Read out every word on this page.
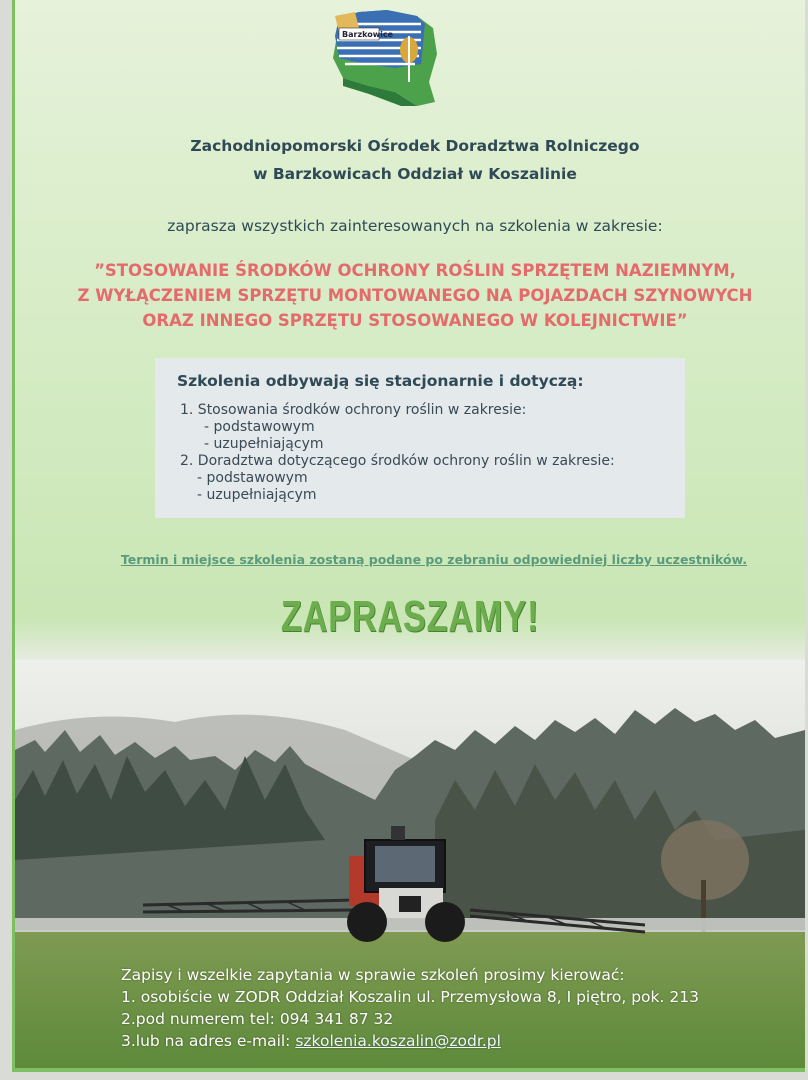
Barzkowice
Zachodniopomorski Ośrodek Doradztwa Rolniczego
w Barzkowicach Oddział w Koszalinie
zaprasza wszystkich zainteresowanych na szkolenia w zakresie:
”STOSOWANIE ŚRODKÓW OCHRONY ROŚLIN SPRZĘTEM NAZIEMNYM,
Z WYŁĄCZENIEM SPRZĘTU MONTOWANEGO NA POJAZDACH SZYNOWYCH
ORAZ INNEGO SPRZĘTU STOSOWANEGO W KOLEJNICTWIE”
Szkolenia odbywają się stacjonarnie i dotyczą:
1. Stosowania środków ochrony roślin w zakresie:
- podstawowym
- uzupełniającym
2. Doradztwa dotyczącego środków ochrony roślin w zakresie:
- podstawowym
- uzupełniającym
Termin i miejsce szkolenia zostaną podane po zebraniu odpowiedniej liczby uczestników.
ZAPRASZAMY!
Zapisy i wszelkie zapytania w sprawie szkoleń prosimy kierować:
1. osobiście w ZODR Oddział Koszalin ul. Przemysłowa 8, I piętro, pok. 213
2.pod numerem tel: 094 341 87 32
3.lub na adres e-mail: szkolenia.koszalin@zodr.pl
